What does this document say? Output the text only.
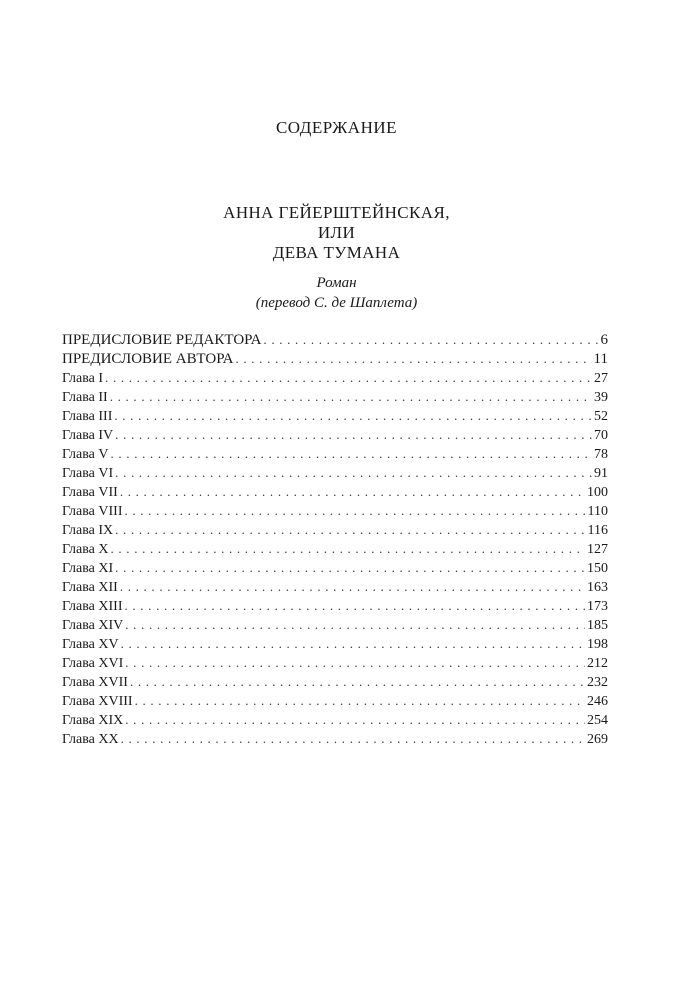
СОДЕРЖАНИЕ
АННА ГЕЙЕРШТЕЙНСКАЯ,
ИЛИ
ДЕВА ТУМАНА
Роман
(перевод С. де Шаплета)
ПРЕДИСЛОВИЕ РЕДАКТОРА . . .	6
ПРЕДИСЛОВИЕ АВТОРА . . .	11
Глава I . . .	27
Глава II . . .	39
Глава III . . .	52
Глава IV . . .	70
Глава V . . .	78
Глава VI . . .	91
Глава VII . . .	100
Глава VIII . . .	110
Глава IX . . .	116
Глава X . . .	127
Глава XI . . .	150
Глава XII . . .	163
Глава XIII . . .	173
Глава XIV . . .	185
Глава XV . . .	198
Глава XVI . . .	212
Глава XVII . . .	232
Глава XVIII . . .	246
Глава XIX . . .	254
Глава XX . . .	269
